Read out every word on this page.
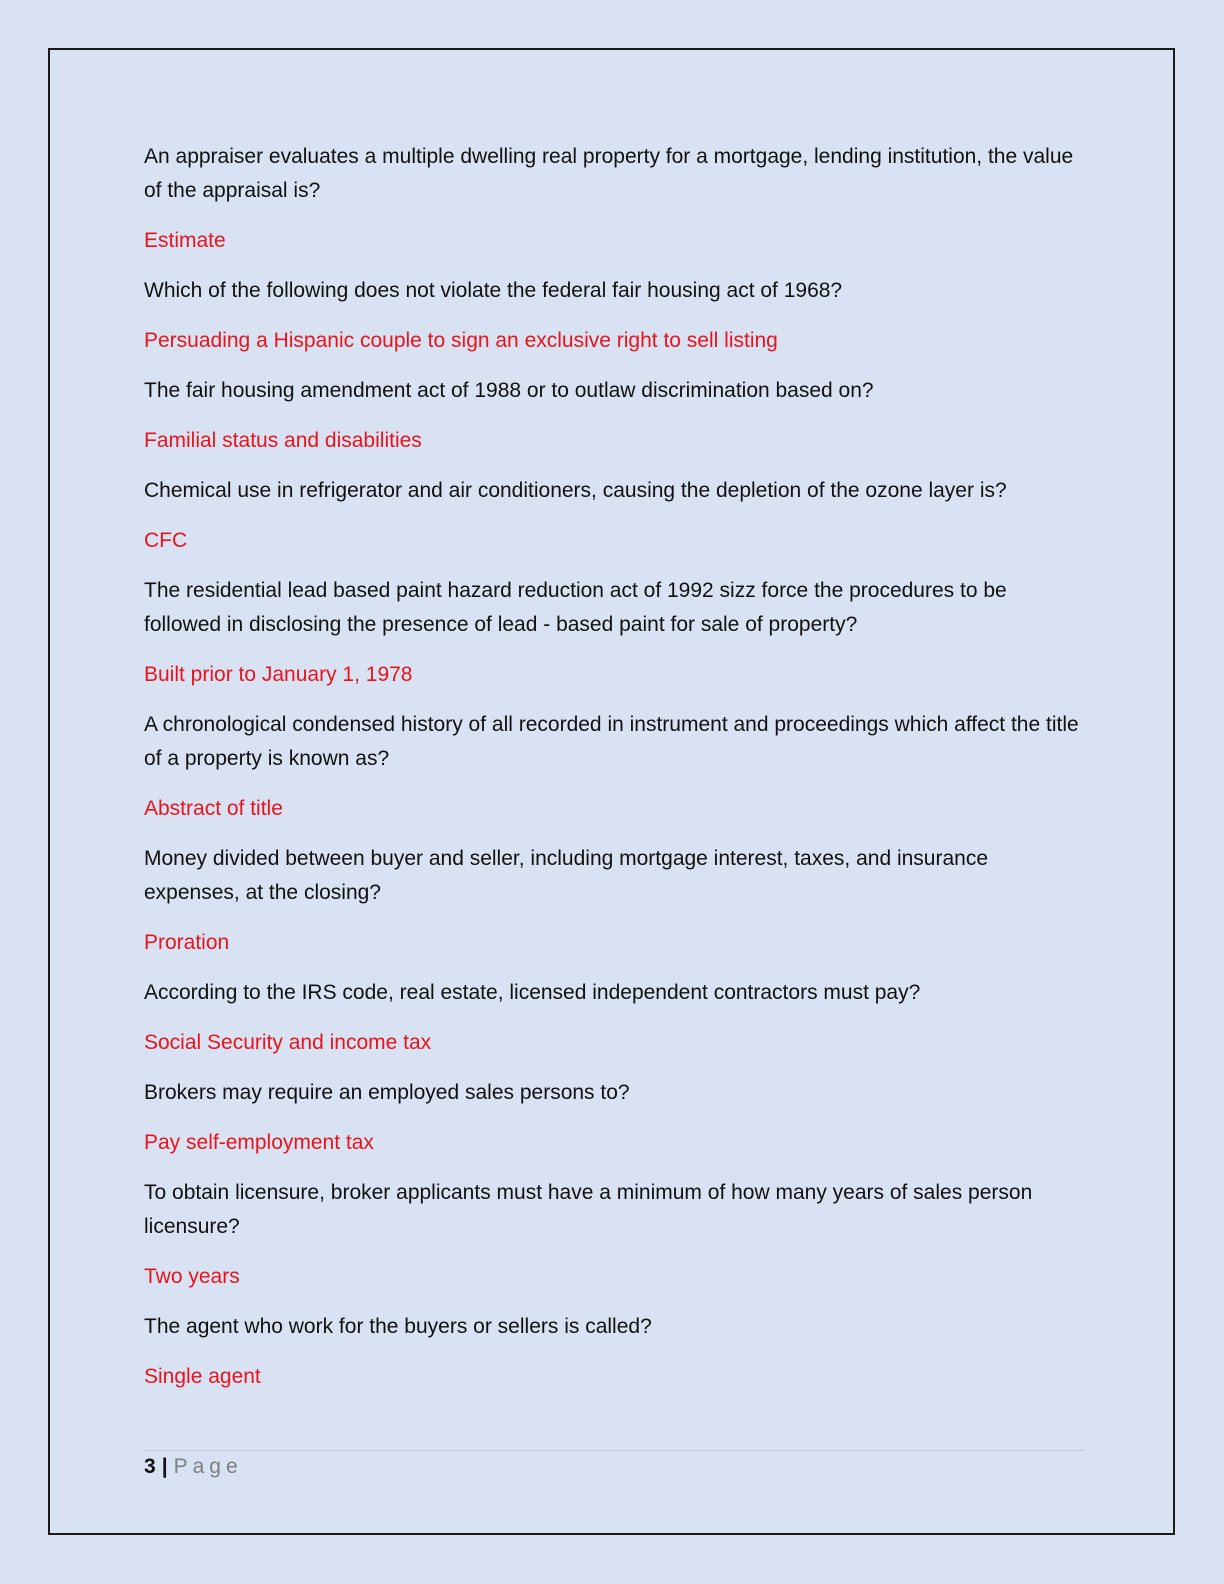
An appraiser evaluates a multiple dwelling real property for a mortgage, lending institution, the value of the appraisal is?

Estimate

Which of the following does not violate the federal fair housing act of 1968?

Persuading a Hispanic couple to sign an exclusive right to sell listing

The fair housing amendment act of 1988 or to outlaw discrimination based on?

Familial status and disabilities

Chemical use in refrigerator and air conditioners, causing the depletion of the ozone layer is?

CFC

The residential lead based paint hazard reduction act of 1992 sizz force the procedures to be followed in disclosing the presence of lead - based paint for sale of property?

Built prior to January 1, 1978

A chronological condensed history of all recorded in instrument and proceedings which affect the title of a property is known as?

Abstract of title

Money divided between buyer and seller, including mortgage interest, taxes, and insurance expenses, at the closing?

Proration

According to the IRS code, real estate, licensed independent contractors must pay?

Social Security and income tax

Brokers may require an employed sales persons to?

Pay self-employment tax

To obtain licensure, broker applicants must have a minimum of how many years of sales person licensure?

Two years

The agent who work for the buyers or sellers is called?

Single agent

3 | Page
